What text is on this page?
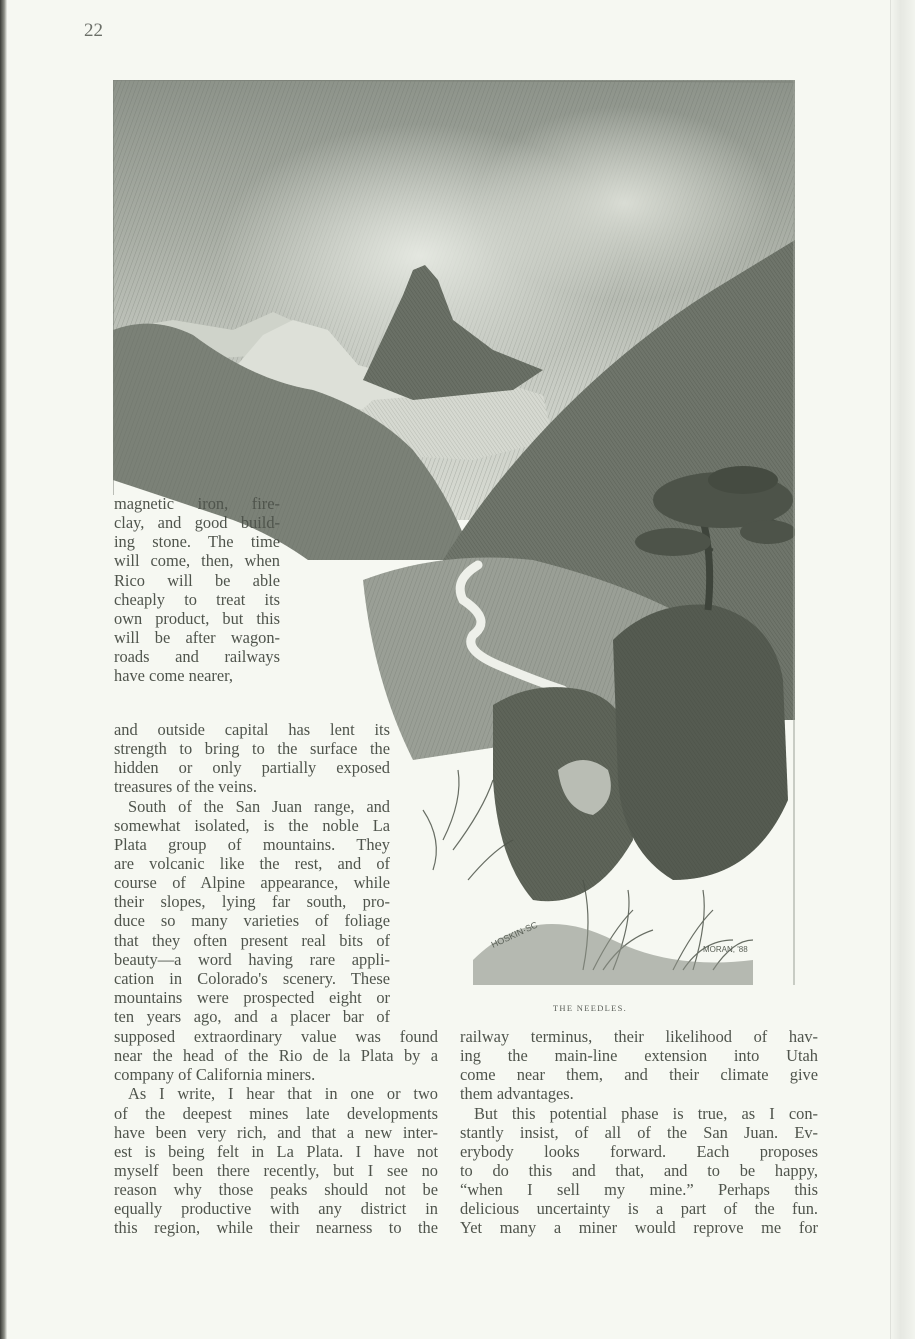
22
HOSKIN·SC	MORAN, '88
THE NEEDLES.
magnetic iron, fire-
clay, and good build-
ing stone. The time
will come, then, when
Rico will be able
cheaply to treat its
own product, but this
will be after wagon-
roads and railways
have come nearer,
and outside capital has lent its
strength to bring to the surface the
hidden or only partially exposed
treasures of the veins.
South of the San Juan range, and
somewhat isolated, is the noble La
Plata group of mountains. They
are volcanic like the rest, and of
course of Alpine appearance, while
their slopes, lying far south, pro-
duce so many varieties of foliage
that they often present real bits of
beauty—a word having rare appli-
cation in Colorado's scenery. These
mountains were prospected eight or
ten years ago, and a placer bar of
supposed extraordinary value was found
near the head of the Rio de la Plata by a
company of California miners.
As I write, I hear that in one or two
of the deepest mines late developments
have been very rich, and that a new inter-
est is being felt in La Plata. I have not
myself been there recently, but I see no
reason why those peaks should not be
equally productive with any district in
this region, while their nearness to the
railway terminus, their likelihood of hav-
ing the main-line extension into Utah
come near them, and their climate give
them advantages.
But this potential phase is true, as I con-
stantly insist, of all of the San Juan. Ev-
erybody looks forward. Each proposes
to do this and that, and to be happy,
“when I sell my mine.” Perhaps this
delicious uncertainty is a part of the fun.
Yet many a miner would reprove me for
